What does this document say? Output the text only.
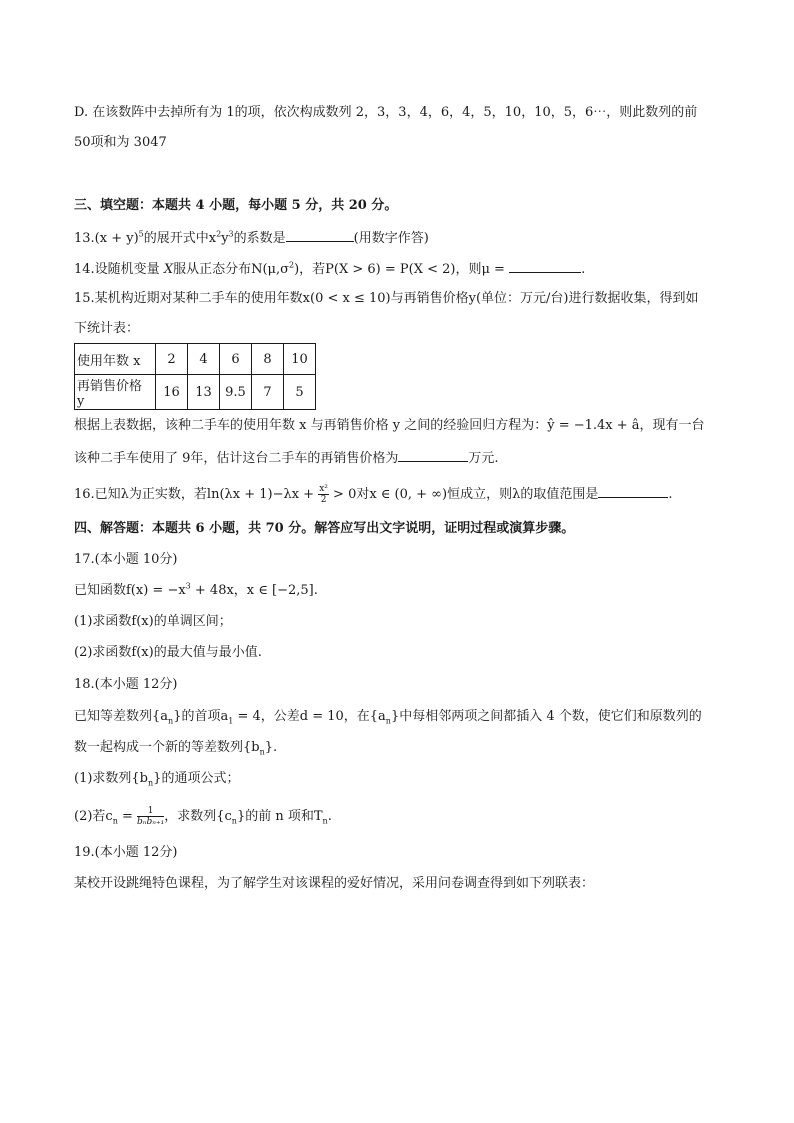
D. 在该数阵中去掉所有为 1的项，依次构成数列 2，3，3，4，6，4，5，10，10，5，6⋯，则此数列的前
50项和为 3047
三、填空题：本题共 4 小题，每小题 5 分，共 20 分。
$13.(x + y)^5$的展开式中$x^2y^3$的系数是	(用数字作答)
14.设随机变量 X服从正态分布$N(\mu,\sigma^2)$，若P(X > 6) = P(X < 2)，则μ =	.
15.某机构近期对某种二手车的使用年数x(0 < x ≤ 10)与再销售价格y(单位：万元/台)进行数据收集，得到如
下统计表：
使用年数 x	2	4	6	8	10
再销售价格 y	16	13	9.5	7	5
根据上表数据，该种二手车的使用年数 x 与再销售价格 y 之间的经验回归方程为：ŷ = −1.4x + â，现有一台
该种二手车使用了 9年，估计这台二手车的再销售价格为	万元.
16.已知λ为正实数，若$\ln(\lambda x + 1)-\lambda x + \frac{\text{x²}}{2} > 0$对x ∈ (0, + ∞)恒成立，则λ的取值范围是	.
四、解答题：本题共 6 小题，共 70 分。解答应写出文字说明，证明过程或演算步骤。
17.(本小题 10分)
已知函数$f(x) = -x^3 + 48x$，x ∈ [−2,5].
(1)求函数f(x)的单调区间；
(2)求函数f(x)的最大值与最小值.
18.(本小题 12分)
已知等差数列$\{a_n\}$的首项$a_1 = 4$，公差d = 10，在$\{a_n\}$中每相邻两项之间都插入 4 个数，使它们和原数列的
数一起构成一个新的等差数列$\{b_n\}$.
(1)求数列$\{b_n\}$的通项公式；
(2)若$c_n = \frac{1}{\text{bₙbₙ₊₁}}$ ，求数列$\{c_n\}$的前 n 项和$T_n$.
19.(本小题 12分)
某校开设跳绳特色课程，为了解学生对该课程的爱好情况，采用问卷调查得到如下列联表：
